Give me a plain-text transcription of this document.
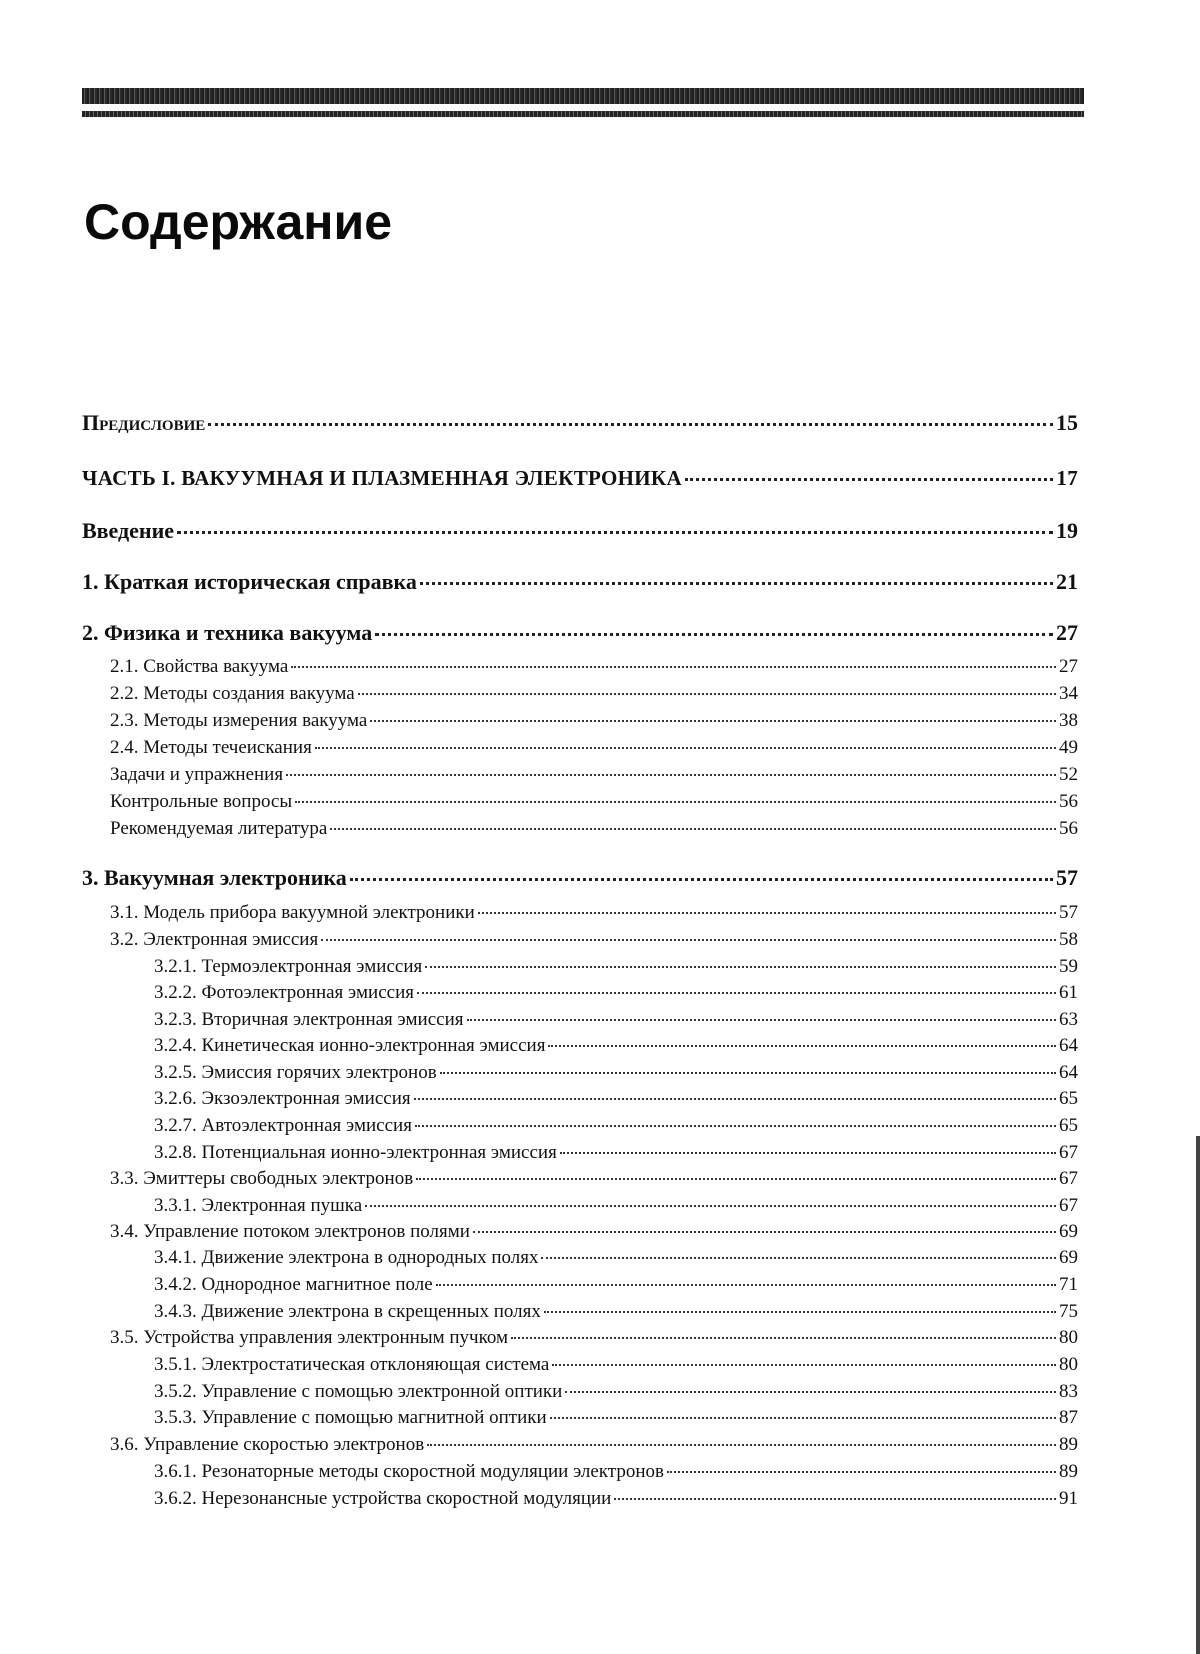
Содержание
Предисловие	15
ЧАСТЬ I. ВАКУУМНАЯ И ПЛАЗМЕННАЯ ЭЛЕКТРОНИКА	17
Введение	19
1. Краткая историческая справка	21
2. Физика и техника вакуума	27
2.1. Свойства вакуума	27
2.2. Методы создания вакуума	34
2.3. Методы измерения вакуума	38
2.4. Методы течеискания	49
Задачи и упражнения	52
Контрольные вопросы	56
Рекомендуемая литература	56
3. Вакуумная электроника	57
3.1. Модель прибора вакуумной электроники	57
3.2. Электронная эмиссия	58
3.2.1. Термоэлектронная эмиссия	59
3.2.2. Фотоэлектронная эмиссия	61
3.2.3. Вторичная электронная эмиссия	63
3.2.4. Кинетическая ионно-электронная эмиссия	64
3.2.5. Эмиссия горячих электронов	64
3.2.6. Экзоэлектронная эмиссия	65
3.2.7. Автоэлектронная эмиссия	65
3.2.8. Потенциальная ионно-электронная эмиссия	67
3.3. Эмиттеры свободных электронов	67
3.3.1. Электронная пушка	67
3.4. Управление потоком электронов полями	69
3.4.1. Движение электрона в однородных полях	69
3.4.2. Однородное магнитное поле	71
3.4.3. Движение электрона в скрещенных полях	75
3.5. Устройства управления электронным пучком	80
3.5.1. Электростатическая отклоняющая система	80
3.5.2. Управление с помощью электронной оптики	83
3.5.3. Управление с помощью магнитной оптики	87
3.6. Управление скоростью электронов	89
3.6.1. Резонаторные методы скоростной модуляции электронов	89
3.6.2. Нерезонансные устройства скоростной модуляции	91
